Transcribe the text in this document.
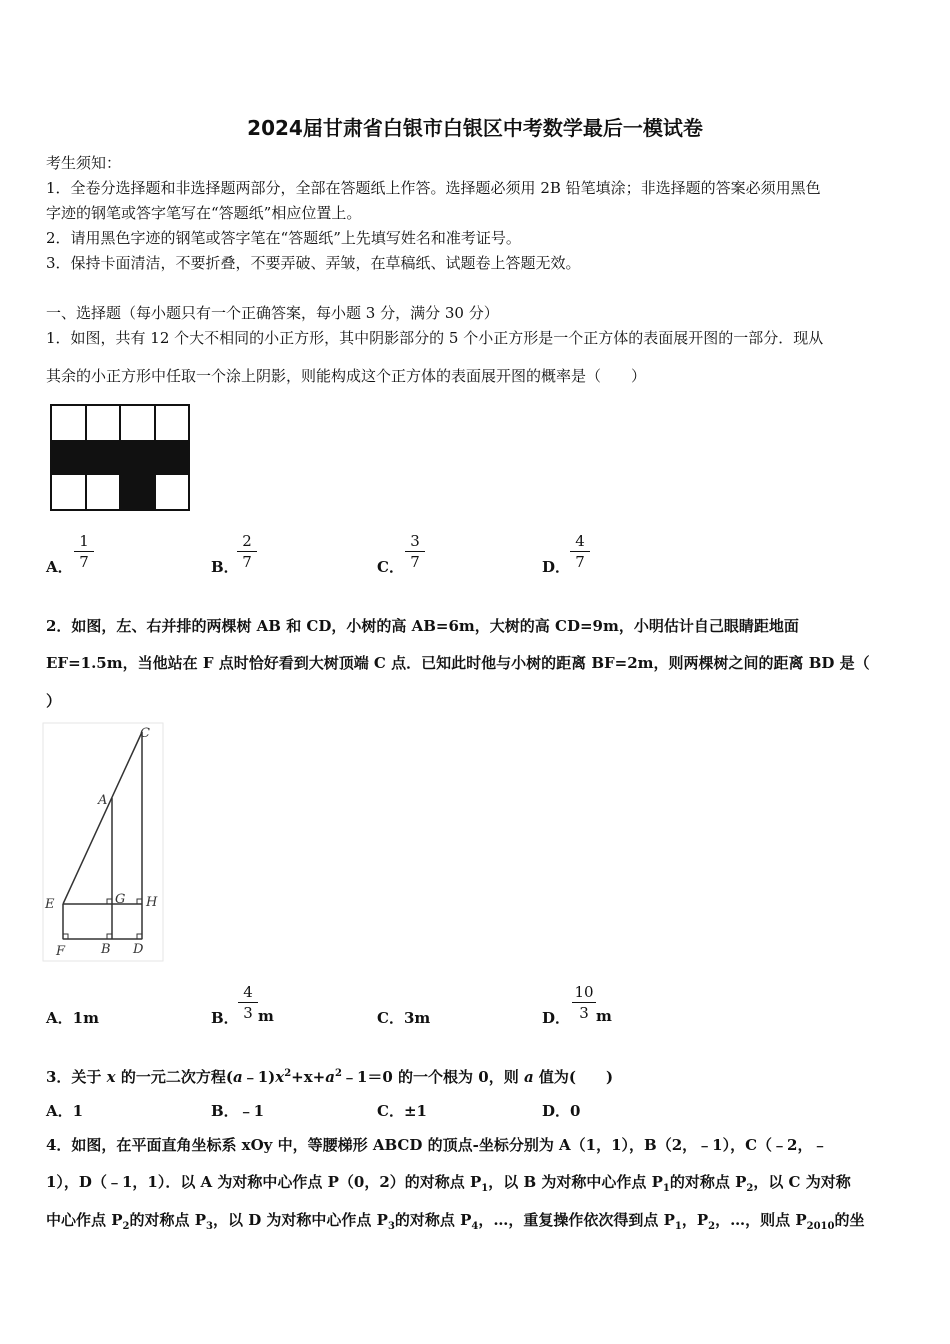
2024届甘肃省白银市白银区中考数学最后一模试卷
考生须知：
1．全卷分选择题和非选择题两部分，全部在答题纸上作答。选择题必须用 2B 铅笔填涂；非选择题的答案必须用黑色
字迹的钢笔或答字笔写在“答题纸”相应位置上。
2．请用黑色字迹的钢笔或答字笔在“答题纸”上先填写姓名和准考证号。
3．保持卡面清洁，不要折叠，不要弄破、弄皱，在草稿纸、试题卷上答题无效。
一、选择题（每小题只有一个正确答案，每小题 3 分，满分 30 分）
1．如图，共有 12 个大不相同的小正方形，其中阴影部分的 5 个小正方形是一个正方体的表面展开图的一部分．现从
其余的小正方形中任取一个涂上阴影，则能构成这个正方体的表面展开图的概率是（　　）
A．
1
7	B．
2
7	C．
3
7	D．
4
7
2．如图，左、右并排的两棵树 AB 和 CD，小树的高 AB=6m，大树的高 CD=9m，小明估计自己眼睛距地面
EF=1.5m，当他站在 F 点时恰好看到大树顶端 C 点．已知此时他与小树的距离 BF=2m，则两棵树之间的距离 BD 是（
）
C
A
E	G H
F	B D
A．1m	B．
4
3 m	C．3m	D．
10
3 m
3．关于 x 的一元二次方程$(a﹣1)x^2+x+a^2﹣1=0$ 的一个根为 0，则 a 值为(　　)
A．1	B．﹣1	C．±1	D．0
4．如图，在平面直角坐标系 xOy 中，等腰梯形 ABCD 的顶点-坐标分别为 A（1，1），B（2，﹣1），C（﹣2，﹣
1），D（﹣1，1）．以 A 为对称中心作点 P（0，2）的对称点 $P_1$，以 B 为对称中心作点 $P_1$的对称点 $P_2$，以 C 为对称
中心作点 $P_2$的对称点 $P_3$，以 D 为对称中心作点 $P_3$的对称点 $P_4$，…，重复操作依次得到点 $P_1$，$P_2$，…，则点 $P_{2010}$的坐
